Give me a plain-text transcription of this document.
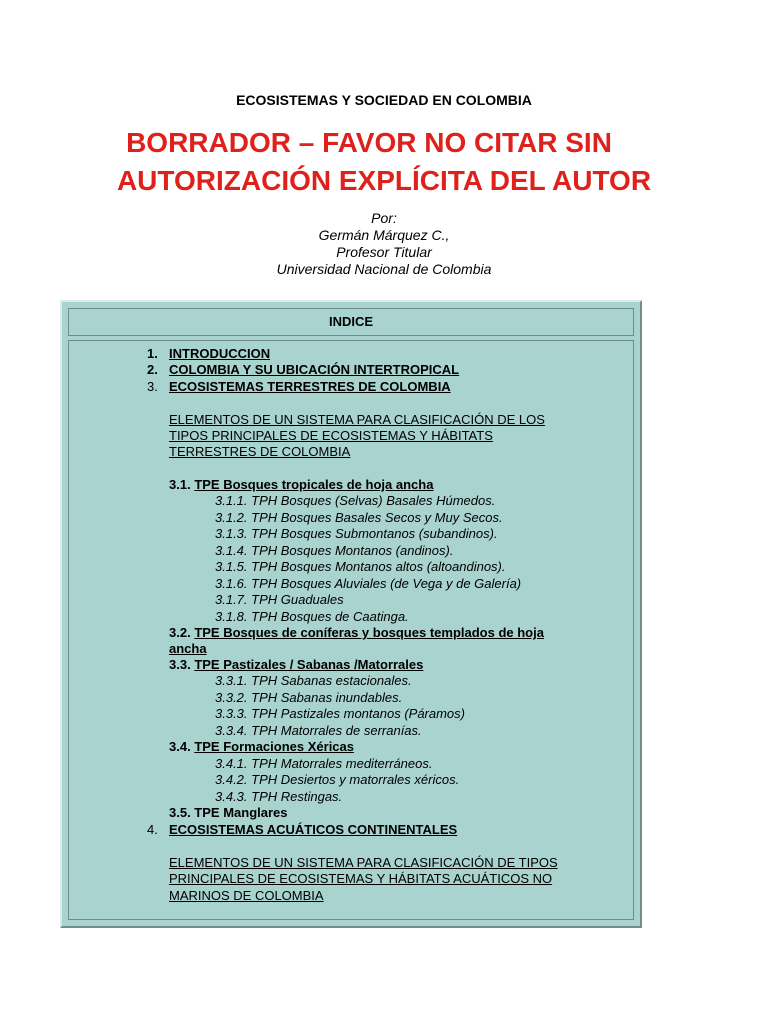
ECOSISTEMAS Y SOCIEDAD EN COLOMBIA
BORRADOR – FAVOR NO CITAR SIN
AUTORIZACIÓN EXPLÍCITA DEL AUTOR
Por:
Germán Márquez C.,
Profesor Titular
Universidad Nacional de Colombia
INDICE
1. INTRODUCCION
2. COLOMBIA Y SU UBICACIÓN INTERTROPICAL
3. ECOSISTEMAS TERRESTRES DE COLOMBIA
ELEMENTOS DE UN SISTEMA PARA CLASIFICACIÓN DE LOS
TIPOS PRINCIPALES DE ECOSISTEMAS Y HÁBITATS
TERRESTRES DE COLOMBIA
3.1. TPE Bosques tropicales de hoja ancha
3.1.1. TPH Bosques (Selvas) Basales Húmedos.
3.1.2. TPH Bosques Basales Secos y Muy Secos.
3.1.3. TPH Bosques Submontanos (subandinos).
3.1.4. TPH Bosques Montanos (andinos).
3.1.5. TPH Bosques Montanos altos (altoandinos).
3.1.6. TPH Bosques Aluviales (de Vega y de Galería)
3.1.7. TPH Guaduales
3.1.8. TPH Bosques de Caatinga.
3.2. TPE Bosques de coníferas y bosques templados de hoja
ancha
3.3. TPE Pastizales / Sabanas /Matorrales
3.3.1. TPH Sabanas estacionales.
3.3.2. TPH Sabanas inundables.
3.3.3. TPH Pastizales montanos (Páramos)
3.3.4. TPH Matorrales de serranías.
3.4. TPE Formaciones Xéricas
3.4.1. TPH Matorrales mediterráneos.
3.4.2. TPH Desiertos y matorrales xéricos.
3.4.3. TPH Restingas.
3.5. TPE Manglares
4. ECOSISTEMAS ACUÁTICOS CONTINENTALES
ELEMENTOS DE UN SISTEMA PARA CLASIFICACIÓN DE TIPOS
PRINCIPALES DE ECOSISTEMAS Y HÁBITATS ACUÁTICOS NO
MARINOS DE COLOMBIA
